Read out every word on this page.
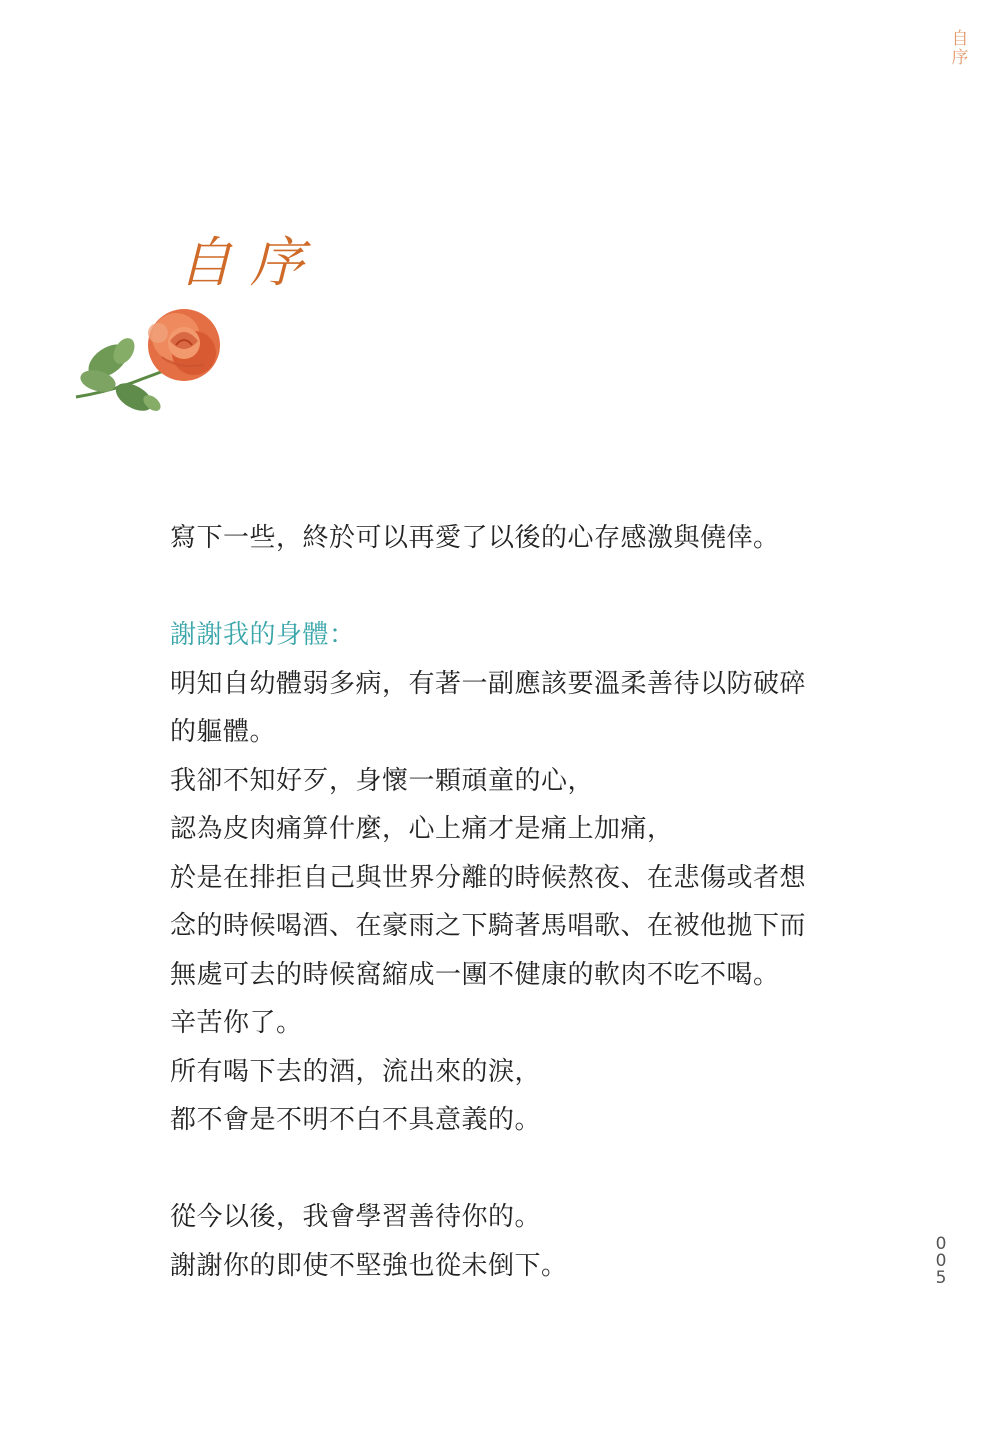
自
序
自序

寫下一些，終於可以再愛了以後的心存感激與僥倖。

謝謝我的身體：

明知自幼體弱多病，有著一副應該要溫柔善待以防破碎

的軀體。

我卻不知好歹，身懷一顆頑童的心，

認為皮肉痛算什麼，心上痛才是痛上加痛，

於是在排拒自己與世界分離的時候熬夜、在悲傷或者想

念的時候喝酒、在豪雨之下騎著馬唱歌、在被他拋下而

無處可去的時候窩縮成一團不健康的軟肉不吃不喝。

辛苦你了。

所有喝下去的酒，流出來的淚，

都不會是不明不白不具意義的。

從今以後，我會學習善待你的。

謝謝你的即使不堅強也從未倒下。

0
0
5
